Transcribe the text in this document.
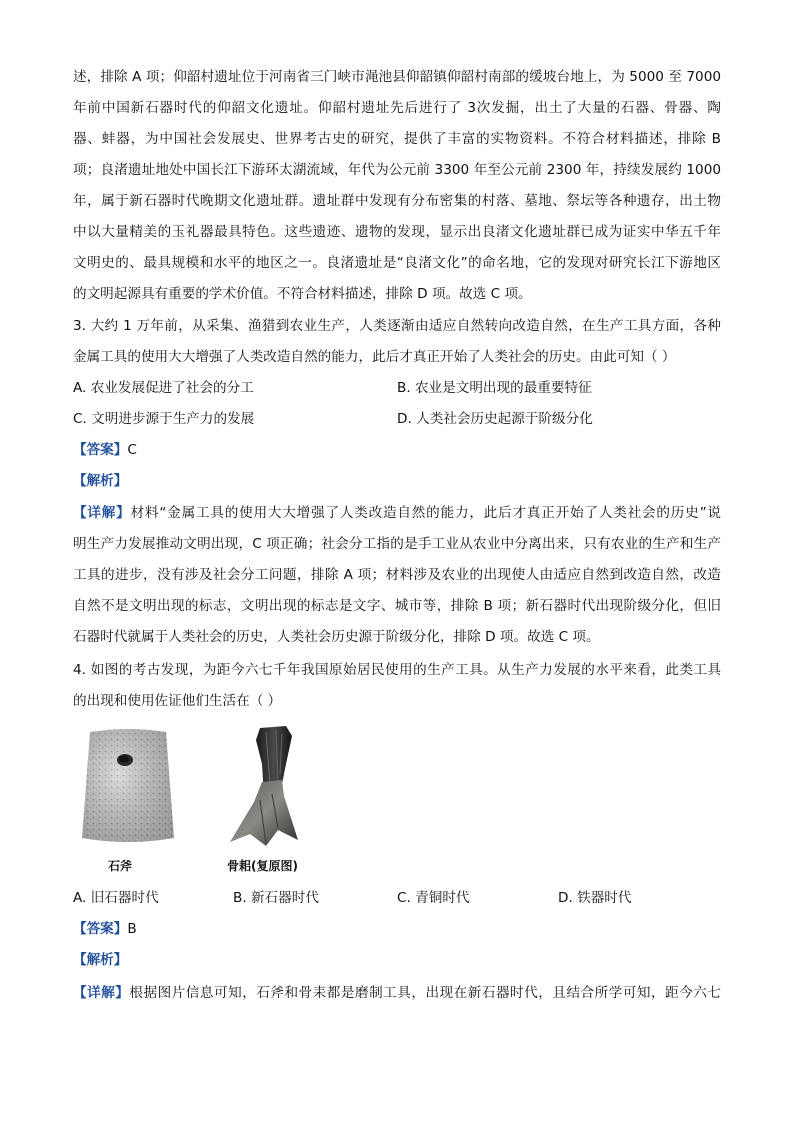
述，排除 A 项；仰韶村遗址位于河南省三门峡市渑池县仰韶镇仰韶村南部的缓坡台地上，为 5000 至 7000
年前中国新石器时代的仰韶文化遗址。仰韶村遗址先后进行了 3次发掘，出土了大量的石器、骨器、陶
器、蚌器，为中国社会发展史、世界考古史的研究，提供了丰富的实物资料。不符合材料描述，排除 B
项；良渚遗址地处中国长江下游环太湖流域，年代为公元前 3300 年至公元前 2300 年，持续发展约 1000
年，属于新石器时代晚期文化遗址群。遗址群中发现有分布密集的村落、墓地、祭坛等各种遗存，出土物
中以大量精美的玉礼器最具特色。这些遗迹、遗物的发现，显示出良渚文化遗址群已成为证实中华五千年
文明史的、最具规模和水平的地区之一。良渚遗址是“良渚文化”的命名地，它的发现对研究长江下游地区
的文明起源具有重要的学术价值。不符合材料描述，排除 D 项。故选 C 项。
3. 大约 1 万年前，从采集、渔猎到农业生产，人类逐渐由适应自然转向改造自然，在生产工具方面，各种
金属工具的使用大大增强了人类改造自然的能力，此后才真正开始了人类社会的历史。由此可知（ ）
A. 农业发展促进了社会的分工	B. 农业是文明出现的最重要特征
C. 文明进步源于生产力的发展	D. 人类社会历史起源于阶级分化
【答案】C
【解析】
【详解】材料“金属工具的使用大大增强了人类改造自然的能力，此后才真正开始了人类社会的历史”说
明生产力发展推动文明出现，C 项正确；社会分工指的是手工业从农业中分离出来，只有农业的生产和生产
工具的进步，没有涉及社会分工问题，排除 A 项；材料涉及农业的出现使人由适应自然到改造自然，改造
自然不是文明出现的标志，文明出现的标志是文字、城市等，排除 B 项；新石器时代出现阶级分化，但旧
石器时代就属于人类社会的历史，人类社会历史源于阶级分化，排除 D 项。故选 C 项。
4. 如图的考古发现，为距今六七千年我国原始居民使用的生产工具。从生产力发展的水平来看，此类工具
的出现和使用佐证他们生活在（ ）
石斧	骨耜(复原图)
A. 旧石器时代	B. 新石器时代	C. 青铜时代	D. 铁器时代
【答案】B
【解析】
【详解】根据图片信息可知，石斧和骨耒都是磨制工具，出现在新石器时代，且结合所学可知，距今六七
